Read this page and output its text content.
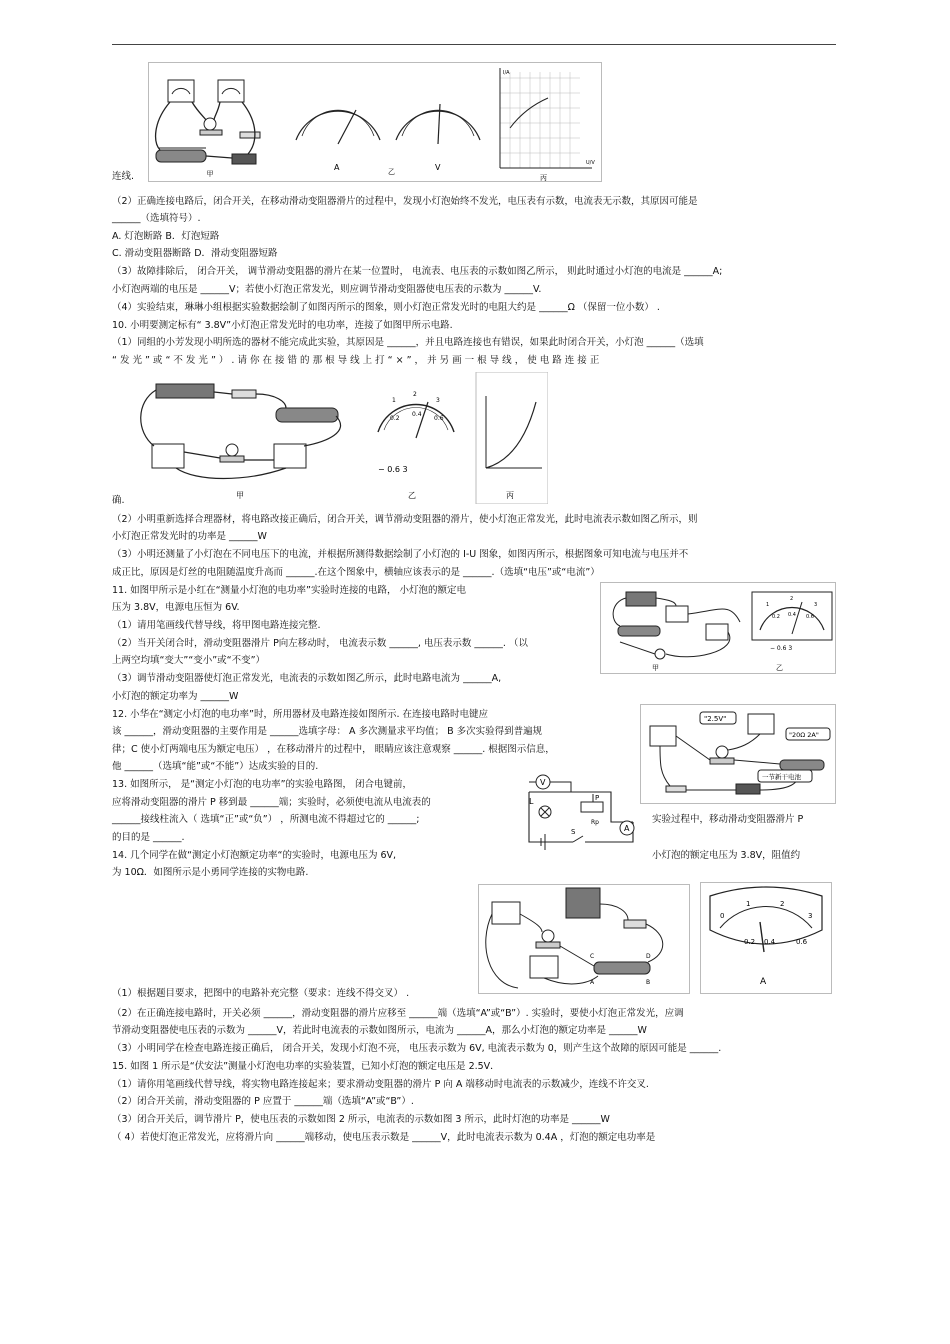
连线.
（2）正确连接电路后，闭合开关，在移动滑动变阻器滑片的过程中，发现小灯泡始终不发光，电压表有示数，电流表无示数，其原因可能是
______（选填符号）.
A. 灯泡断路 B．灯泡短路
C. 滑动变阻器断路 D．滑动变阻器短路
（3）故障排除后， 闭合开关， 调节滑动变阻器的滑片在某一位置时， 电流表、电压表的示数如图乙所示， 则此时通过小灯泡的电流是 ______A;
小灯泡两端的电压是 ______V；若使小灯泡正常发光，则应调节滑动变阻器使电压表的示数为 ______V.
（4）实验结束，琳琳小组根据实验数据绘制了如图丙所示的图象，则小灯泡正常发光时的电阻大约是 ______Ω （保留一位小数） .
10. 小明要测定标有“ 3.8V”小灯泡正常发光时的电功率，连接了如图甲所示电路.
（1）同组的小芳发现小明所选的器材不能完成此实验，其原因是 ______，并且电路连接也有错误，如果此时闭合开关，小灯泡 ______（选填
“ 发 光 ” 或 “ 不 发 光 ” ） . 请 你 在 接 错 的 那 根 导 线 上 打 “ × ” ， 并 另 画 一 根 导 线 ， 使 电 路 连 接 正
确.
（2）小明重新选择合理器材，将电路改接正确后，闭合开关，调节滑动变阻器的滑片，使小灯泡正常发光，此时电流表示数如图乙所示，则
小灯泡正常发光时的功率是 ______W
（3）小明还测量了小灯泡在不同电压下的电流，并根据所测得数据绘制了小灯泡的 I-U 图象，如图丙所示，根据图象可知电流与电压并不
成正比，原因是灯丝的电阻随温度升高而 ______.在这个图象中，横轴应该表示的是 ______.（选填“电压”或“电流”）
11. 如图甲所示是小红在“测量小灯泡的电功率”实验时连接的电路， 小灯泡的额定电
压为 3.8V，电源电压恒为 6V.
（1）请用笔画线代替导线，将甲图电路连接完整.
（2）当开关闭合时，滑动变阻器滑片 P向左移动时， 电流表示数 ______, 电压表示数 ______. （以
上两空均填“变大”“变小”或“不变”）
（3）调节滑动变阻器使灯泡正常发光，电流表的示数如图乙所示，此时电路电流为 ______A,
小灯泡的额定功率为 ______W
12. 小华在“测定小灯泡的电功率”时，所用器材及电路连接如图所示. 在连接电路时电键应
该 ______，滑动变阻器的主要作用是 ______选填字母： A 多次测量求平均值； B 多次实验得到普遍规
律；C 使小灯两端电压为额定电压） ，在移动滑片的过程中， 眼睛应该注意观察 ______. 根据图示信息，
他 ______（选填“能”或“不能”）达成实验的目的.
13. 如图所示， 是“测定小灯泡的电功率”的实验电路图， 闭合电键前，
应将滑动变阻器的滑片 P 移到最 ______端；实验时，必须使电流从电流表的
______接线柱流入（ 选填“正”或“负”） ，所测电流不得超过它的 ______;
的目的是 ______.
14. 几个同学在做“测定小灯泡额定功率“的实验时，电源电压为 6V,
为 10Ω．如图所示是小勇同学连接的实物电路.
（1）根据题目要求，把图中的电路补充完整（要求：连线不得交叉） .
（2）在正确连接电路时，开关必须 ______，滑动变阻器的滑片应移至 ______端（选填“A”或“B”）. 实验时，要使小灯泡正常发光，应调
节滑动变阻器使电压表的示数为 ______V，若此时电流表的示数如图所示，电流为 ______A，那么小灯泡的额定功率是 ______W
（3）小明同学在检查电路连接正确后， 闭合开关，发现小灯泡不亮， 电压表示数为 6V, 电流表示数为 0，则产生这个故障的原因可能是 ______.
15. 如图 1 所示是“伏安法”测量小灯泡电功率的实验装置，已知小灯泡的额定电压是 2.5V．
（1）请你用笔画线代替导线，将实物电路连接起来；要求滑动变阻器的滑片 P 向 A 端移动时电流表的示数减少，连线不许交叉.
（2）闭合开关前，滑动变阻器的 P 应置于 ______端（选填“A”或“B”）.
（3）闭合开关后，调节滑片 P，使电压表的示数如图 2 所示，电流表的示数如图 3 所示，此时灯泡的功率是 ______W
（ 4）若使灯泡正常发光，应将滑片向 ______端移动，使电压表示数是 ______V，此时电流表示数为 0.4A ，灯泡的额定电功率是
实验过程中，移动滑动变阻器滑片 P
小灯泡的额定电压为 3.8V，阻值约
甲
A	乙	V
I/A
U/V
丙
甲
1
2
3
0.2
0.4
0.6
− 0.6 3
乙	丙
甲
1
2
3
0.2 0.4 0.6
− 0.6 3
乙
"2.5V"
"20Ω 2A"
一节新干电池
V
L	P
Rp
A
S
C	D
A	B
0
1	2
3
0.2 0.4	0.6
A
